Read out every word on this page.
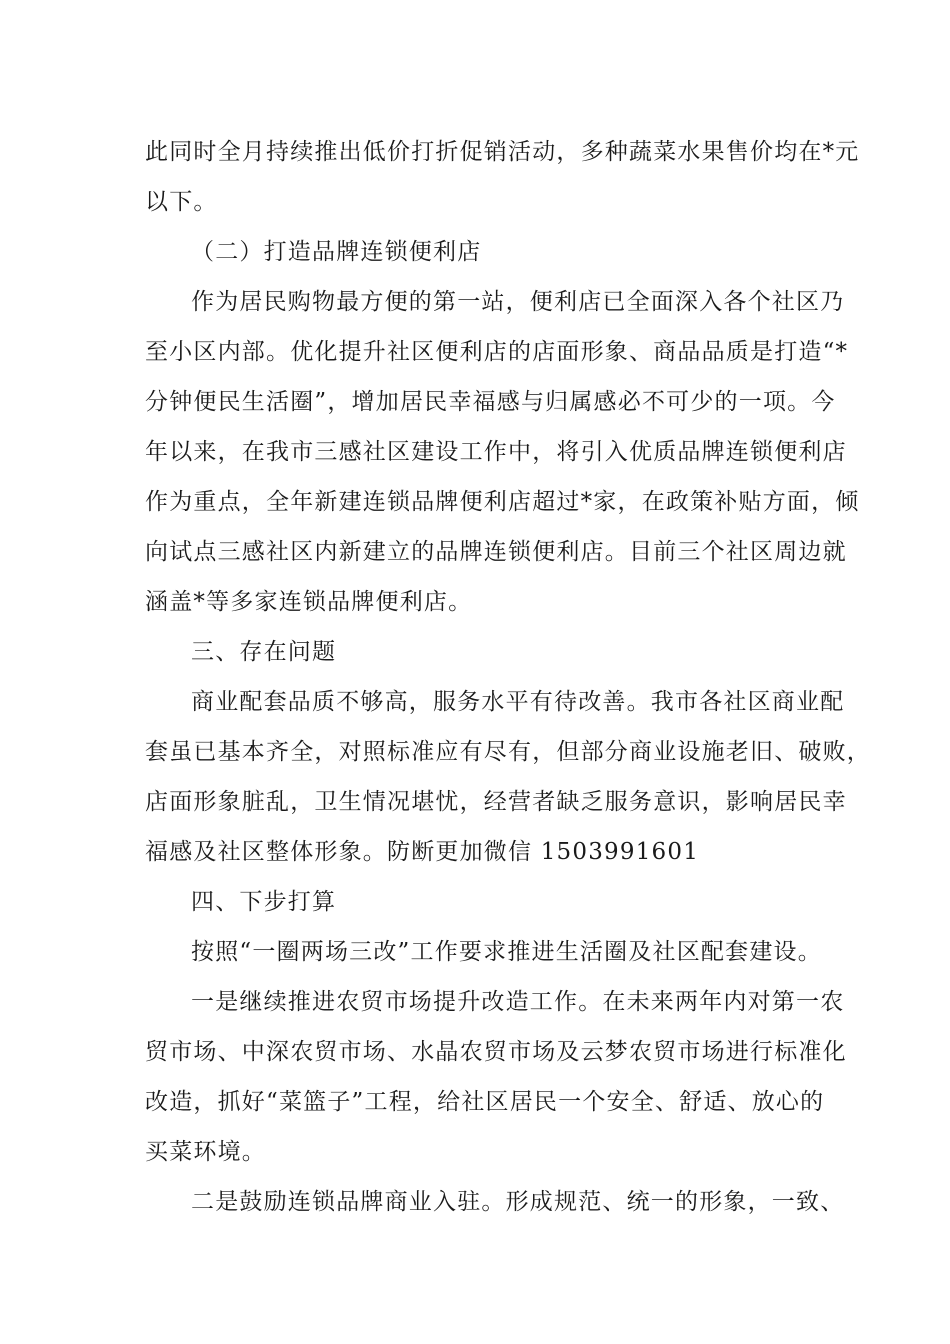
此同时全月持续推出低价打折促销活动，多种蔬菜水果售价均在*元
以下。
（二）打造品牌连锁便利店
作为居民购物最方便的第一站，便利店已全面深入各个社区乃
至小区内部。优化提升社区便利店的店面形象、商品品质是打造“*
分钟便民生活圈”，增加居民幸福感与归属感必不可少的一项。今
年以来，在我市三感社区建设工作中，将引入优质品牌连锁便利店
作为重点，全年新建连锁品牌便利店超过*家，在政策补贴方面，倾
向试点三感社区内新建立的品牌连锁便利店。目前三个社区周边就
涵盖*等多家连锁品牌便利店。
三、存在问题
商业配套品质不够高，服务水平有待改善。我市各社区商业配
套虽已基本齐全，对照标准应有尽有，但部分商业设施老旧、破败，
店面形象脏乱，卫生情况堪忧，经营者缺乏服务意识，影响居民幸
福感及社区整体形象。防断更加微信 1503991601
四、下步打算
按照“一圈两场三改”工作要求推进生活圈及社区配套建设。
一是继续推进农贸市场提升改造工作。在未来两年内对第一农
贸市场、中深农贸市场、水晶农贸市场及云梦农贸市场进行标准化
改造，抓好“菜篮子”工程，给社区居民一个安全、舒适、放心的
买菜环境。
二是鼓励连锁品牌商业入驻。形成规范、统一的形象，一致、
